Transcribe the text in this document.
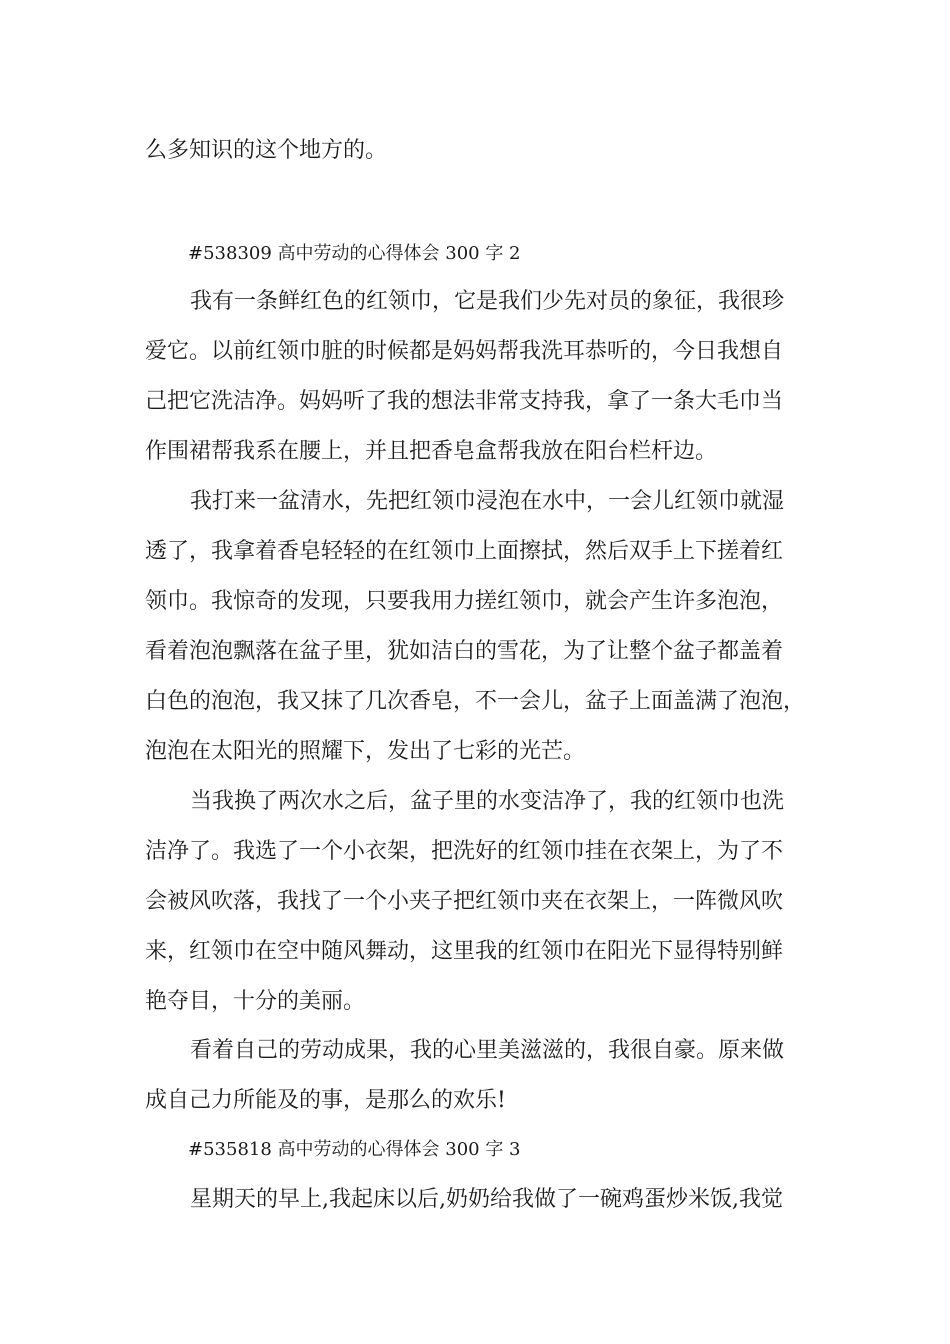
么多知识的这个地方的。
#538309 高中劳动的心得体会 300 字 2
我有一条鲜红色的红领巾，它是我们少先对员的象征，我很珍
爱它。以前红领巾脏的时候都是妈妈帮我洗耳恭听的，今日我想自
己把它洗洁净。妈妈听了我的想法非常支持我，拿了一条大毛巾当
作围裙帮我系在腰上，并且把香皂盒帮我放在阳台栏杆边。
我打来一盆清水，先把红领巾浸泡在水中，一会儿红领巾就湿
透了，我拿着香皂轻轻的在红领巾上面擦拭，然后双手上下搓着红
领巾。我惊奇的发现，只要我用力搓红领巾，就会产生许多泡泡，
看着泡泡飘落在盆子里，犹如洁白的雪花，为了让整个盆子都盖着
白色的泡泡，我又抹了几次香皂，不一会儿，盆子上面盖满了泡泡，
泡泡在太阳光的照耀下，发出了七彩的光芒。
当我换了两次水之后，盆子里的水变洁净了，我的红领巾也洗
洁净了。我选了一个小衣架，把洗好的红领巾挂在衣架上，为了不
会被风吹落，我找了一个小夹子把红领巾夹在衣架上，一阵微风吹
来，红领巾在空中随风舞动，这里我的红领巾在阳光下显得特别鲜
艳夺目，十分的美丽。
看着自己的劳动成果，我的心里美滋滋的，我很自豪。原来做
成自己力所能及的事，是那么的欢乐!
#535818 高中劳动的心得体会 300 字 3
星期天的早上,我起床以后,奶奶给我做了一碗鸡蛋炒米饭,我觉
